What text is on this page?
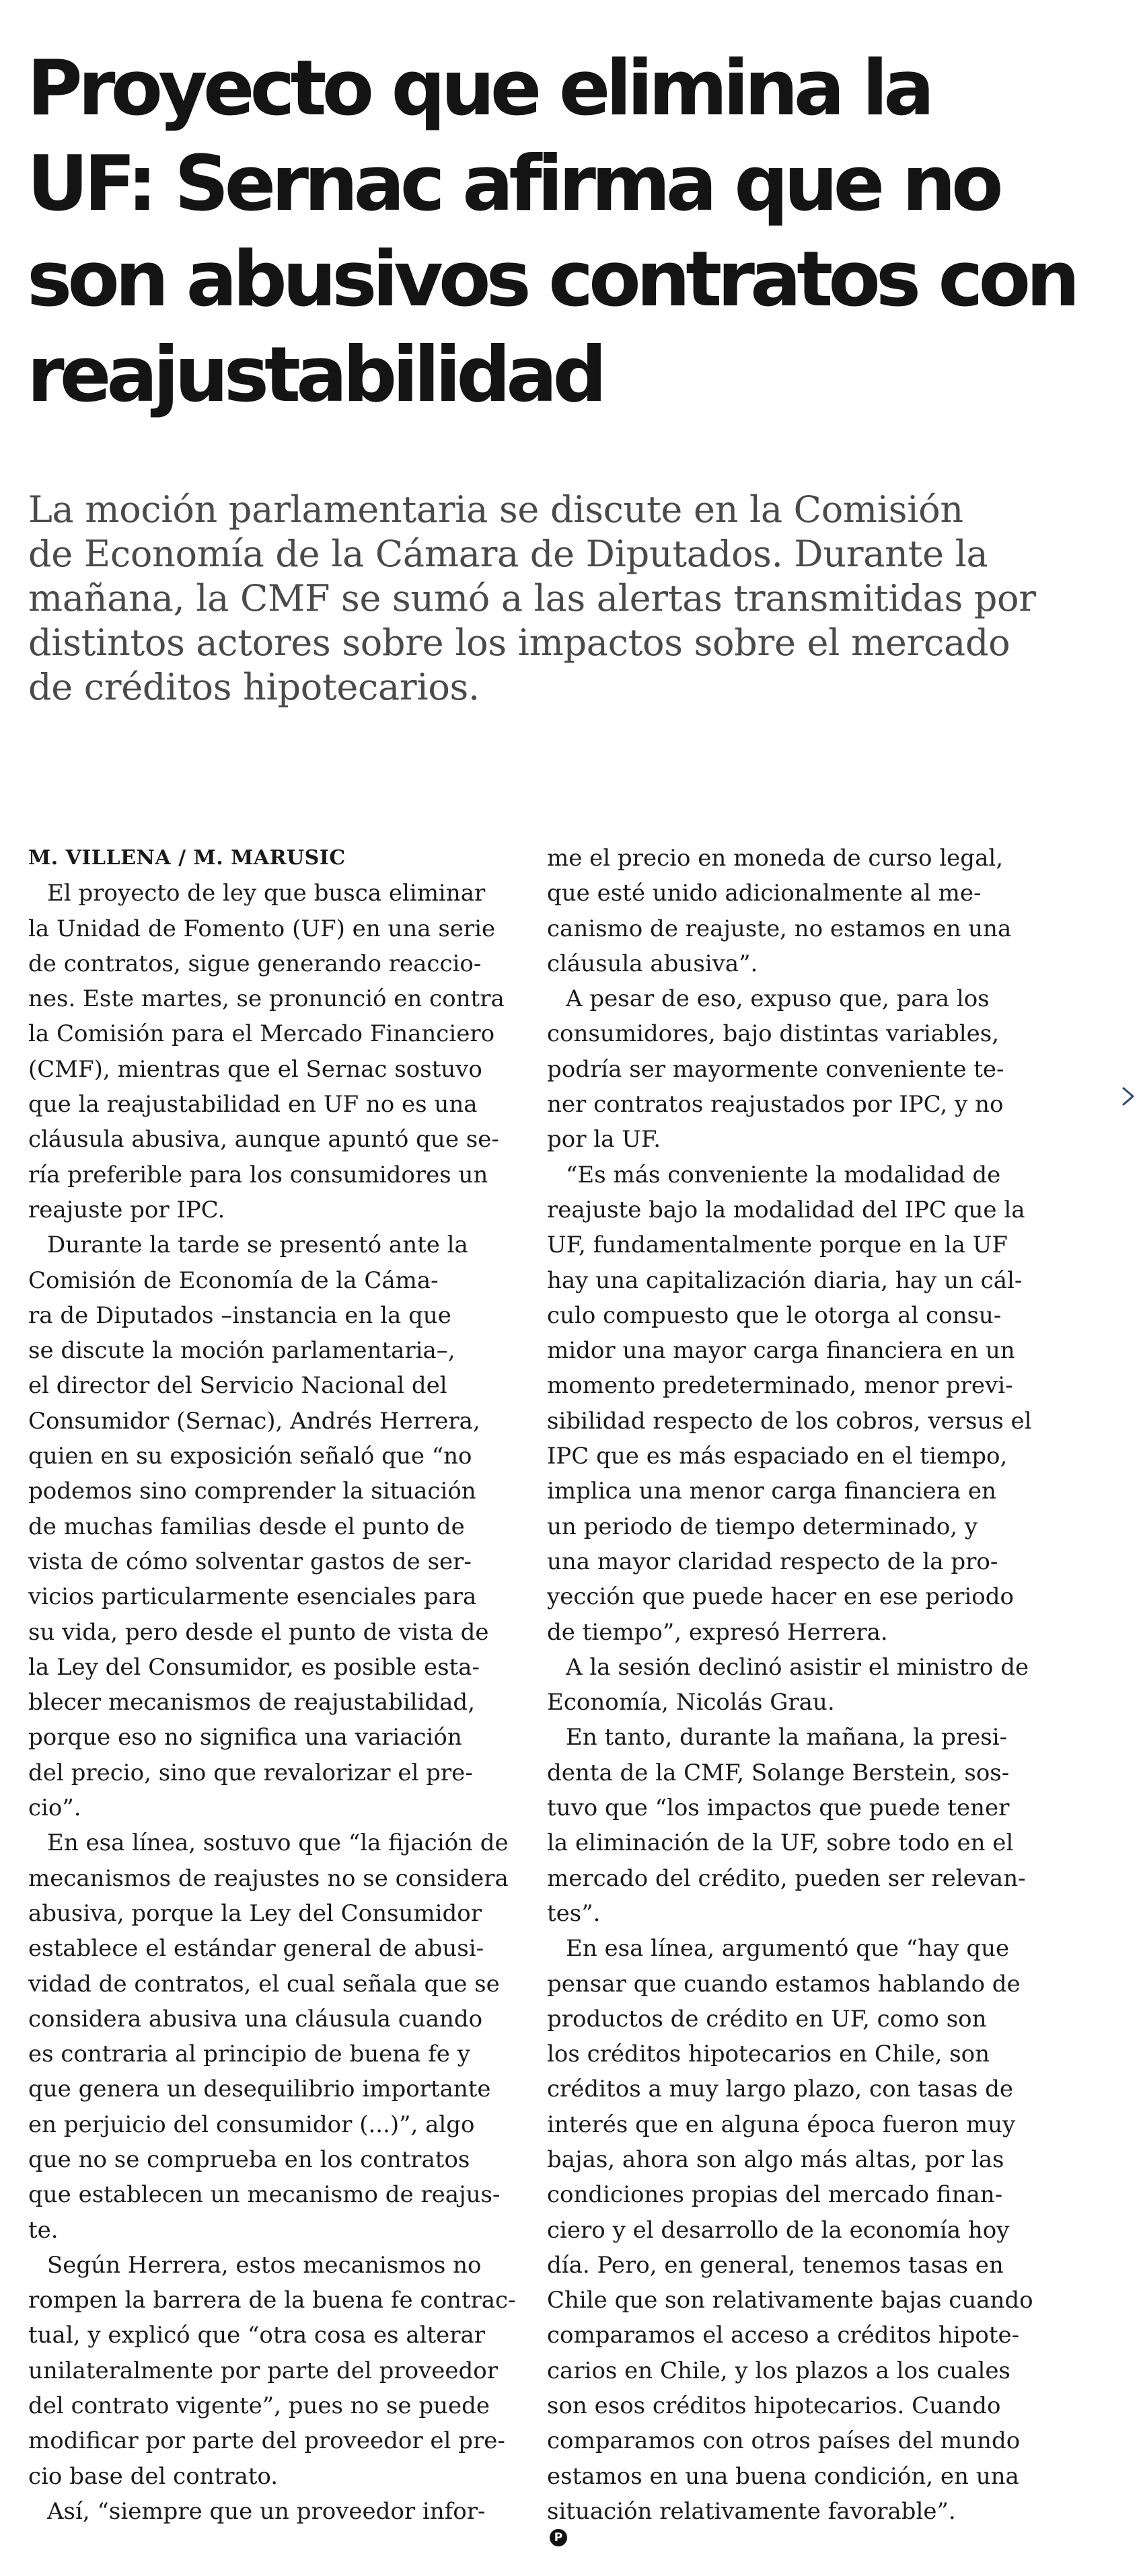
Proyecto que elimina la
UF: Sernac afirma que no
son abusivos contratos con
reajustabilidad

La moción parlamentaria se discute en la Comisión
de Economía de la Cámara de Diputados. Durante la
mañana, la CMF se sumó a las alertas transmitidas por
distintos actores sobre los impactos sobre el mercado
de créditos hipotecarios.

M. VILLENA / M. MARUSIC
El proyecto de ley que busca eliminar
la Unidad de Fomento (UF) en una serie
de contratos, sigue generando reaccio-
nes. Este martes, se pronunció en contra
la Comisión para el Mercado Financiero
(CMF), mientras que el Sernac sostuvo
que la reajustabilidad en UF no es una
cláusula abusiva, aunque apuntó que se-
ría preferible para los consumidores un
reajuste por IPC.
Durante la tarde se presentó ante la
Comisión de Economía de la Cáma-
ra de Diputados –instancia en la que
se discute la moción parlamentaria–,
el director del Servicio Nacional del
Consumidor (Sernac), Andrés Herrera,
quien en su exposición señaló que “no
podemos sino comprender la situación
de muchas familias desde el punto de
vista de cómo solventar gastos de ser-
vicios particularmente esenciales para
su vida, pero desde el punto de vista de
la Ley del Consumidor, es posible esta-
blecer mecanismos de reajustabilidad,
porque eso no significa una variación
del precio, sino que revalorizar el pre-
cio”.
En esa línea, sostuvo que “la fijación de
mecanismos de reajustes no se considera
abusiva, porque la Ley del Consumidor
establece el estándar general de abusi-
vidad de contratos, el cual señala que se
considera abusiva una cláusula cuando
es contraria al principio de buena fe y
que genera un desequilibrio importante
en perjuicio del consumidor (...)”, algo
que no se comprueba en los contratos
que establecen un mecanismo de reajus-
te.
Según Herrera, estos mecanismos no
rompen la barrera de la buena fe contrac-
tual, y explicó que “otra cosa es alterar
unilateralmente por parte del proveedor
del contrato vigente”, pues no se puede
modificar por parte del proveedor el pre-
cio base del contrato.
Así, “siempre que un proveedor infor-
me el precio en moneda de curso legal,
que esté unido adicionalmente al me-
canismo de reajuste, no estamos en una
cláusula abusiva”.
A pesar de eso, expuso que, para los
consumidores, bajo distintas variables,
podría ser mayormente conveniente te-
ner contratos reajustados por IPC, y no
por la UF.
“Es más conveniente la modalidad de
reajuste bajo la modalidad del IPC que la
UF, fundamentalmente porque en la UF
hay una capitalización diaria, hay un cál-
culo compuesto que le otorga al consu-
midor una mayor carga financiera en un
momento predeterminado, menor previ-
sibilidad respecto de los cobros, versus el
IPC que es más espaciado en el tiempo,
implica una menor carga financiera en
un periodo de tiempo determinado, y
una mayor claridad respecto de la pro-
yección que puede hacer en ese periodo
de tiempo”, expresó Herrera.
A la sesión declinó asistir el ministro de
Economía, Nicolás Grau.
En tanto, durante la mañana, la presi-
denta de la CMF, Solange Berstein, sos-
tuvo que “los impactos que puede tener
la eliminación de la UF, sobre todo en el
mercado del crédito, pueden ser relevan-
tes”.
En esa línea, argumentó que “hay que
pensar que cuando estamos hablando de
productos de crédito en UF, como son
los créditos hipotecarios en Chile, son
créditos a muy largo plazo, con tasas de
interés que en alguna época fueron muy
bajas, ahora son algo más altas, por las
condiciones propias del mercado finan-
ciero y el desarrollo de la economía hoy
día. Pero, en general, tenemos tasas en
Chile que son relativamente bajas cuando
comparamos el acceso a créditos hipote-
carios en Chile, y los plazos a los cuales
son esos créditos hipotecarios. Cuando
comparamos con otros países del mundo
estamos en una buena condición, en una
situación relativamente favorable”.
P
